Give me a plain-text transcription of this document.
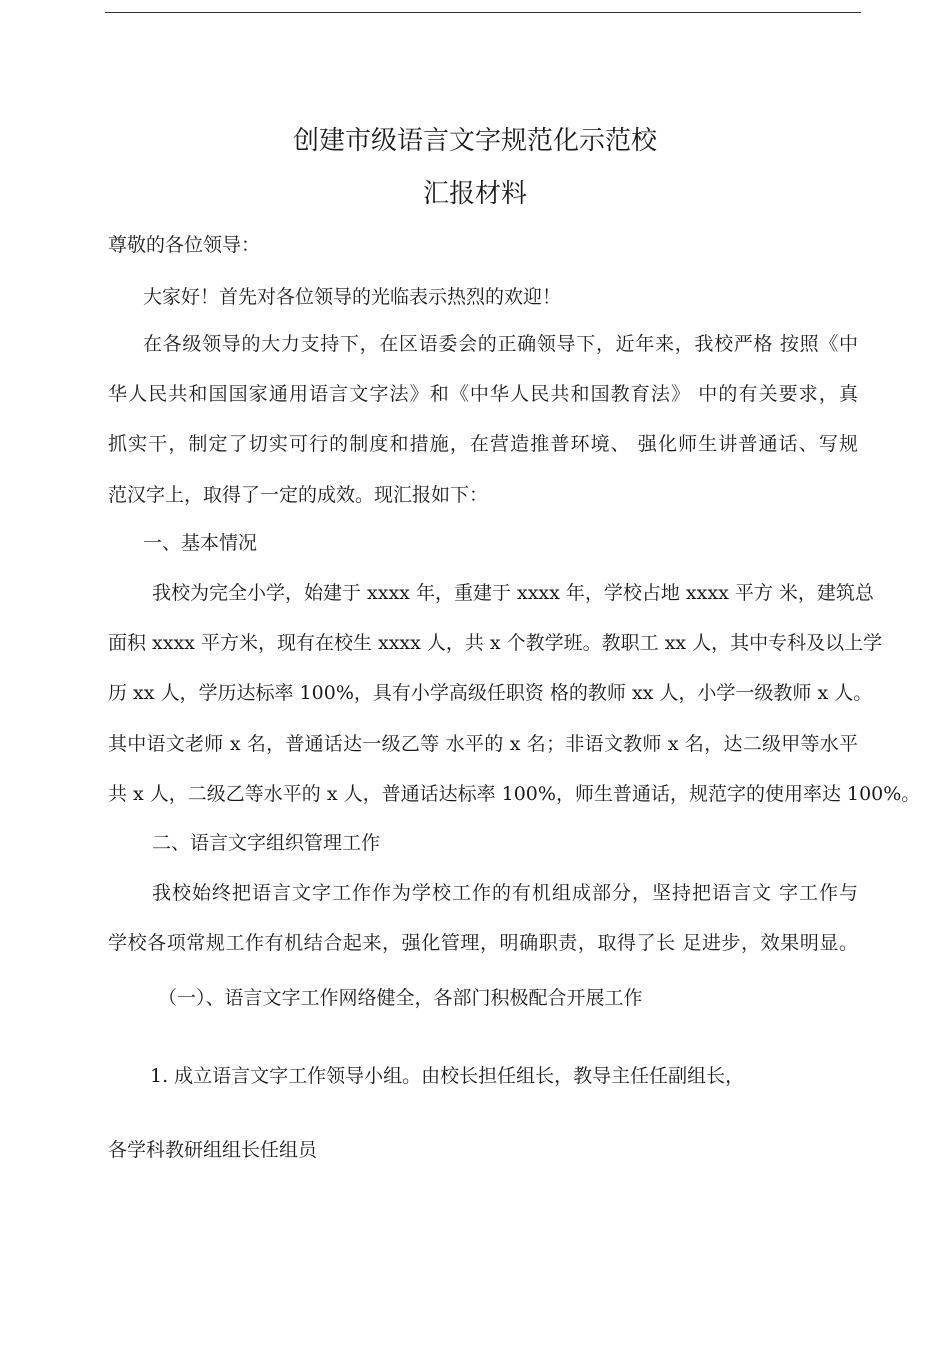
创建市级语言文字规范化示范校
汇报材料
尊敬的各位领导：
大家好！首先对各位领导的光临表示热烈的欢迎！
在各级领导的大力支持下，在区语委会的正确领导下，近年来，我校严格 按照《中
华人民共和国国家通用语言文字法》和《中华人民共和国教育法》 中的有关要求，真
抓实干，制定了切实可行的制度和措施，在营造推普环境、 强化师生讲普通话、写规
范汉字上，取得了一定的成效。现汇报如下：
一、基本情况
我校为完全小学，始建于 xxxx 年，重建于 xxxx 年，学校占地 xxxx 平方 米，建筑总
面积 xxxx 平方米，现有在校生 xxxx 人，共 x 个教学班。教职工 xx 人，其中专科及以上学
历 xx 人，学历达标率 100%，具有小学高级任职资 格的教师 xx 人，小学一级教师 x 人。
其中语文老师 x 名，普通话达一级乙等 水平的 x 名；非语文教师 x 名，达二级甲等水平
共 x 人，二级乙等水平的 x 人，普通话达标率 100%，师生普通话，规范字的使用率达 100%。
二、语言文字组织管理工作
我校始终把语言文字工作作为学校工作的有机组成部分，坚持把语言文 字工作与
学校各项常规工作有机结合起来，强化管理，明确职责，取得了长 足进步，效果明显。
（一）、语言文字工作网络健全，各部门积极配合开展工作
1. 成立语言文字工作领导小组。由校长担任组长，教导主任任副组长，
各学科教研组组长任组员
